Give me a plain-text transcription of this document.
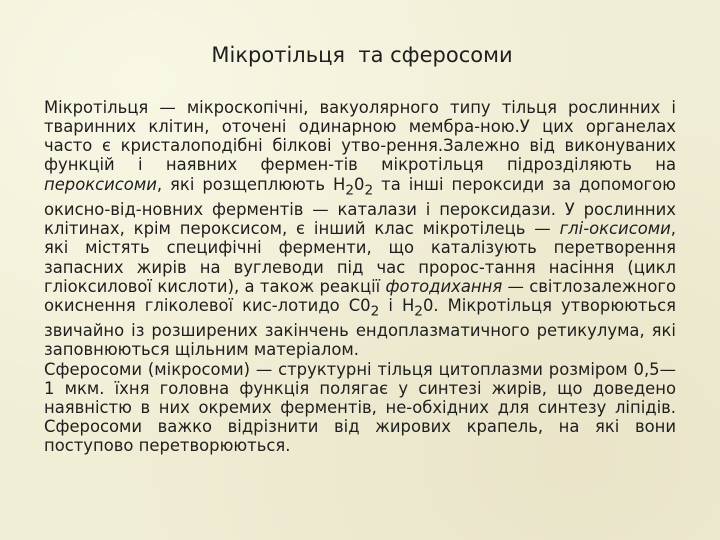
Мікротільця  та сферосоми

Мікротільця — мікроскопічні, вакуолярного типу тільця рослинних і тваринних клітин, оточені одинарною мембра-ною.У цих органелах часто є кристалоподібні білкові утво-рення.Залежно від виконуваних функцій і наявних фермен-тів мікротільця підрозділяють на пероксисоми, які розщеплюють $Н_20_2$ та інші пероксиди за допомогою окисно-від-новних ферментів — каталази і пероксидази. У рослинних клітинах, крім пероксисом, є інший клас мікротілець — глі-оксисоми, які містять специфічні ферменти, що каталізують перетворення запасних жирів на вуглеводи під час пророс-тання насіння (цикл гліоксилової кислоти), а також реакції фотодихання — світлозалежного окиснення гліколевої кис-лотидо $С0_2$ і $Н_20$. Мікротільця утворюються звичайно із розширених закінчень ендоплазматичного ретикулума, які заповнюються щільним матеріалом.

Сферосоми (мікросоми) — структурні тільця цитоплазми розміром 0,5—1 мкм. їхня головна функція полягає у синтезі жирів, що доведено наявністю в них окремих ферментів, не-обхідних для синтезу ліпідів. Сферосоми важко відрізнити від жирових крапель, на які вони поступово перетворюються.
